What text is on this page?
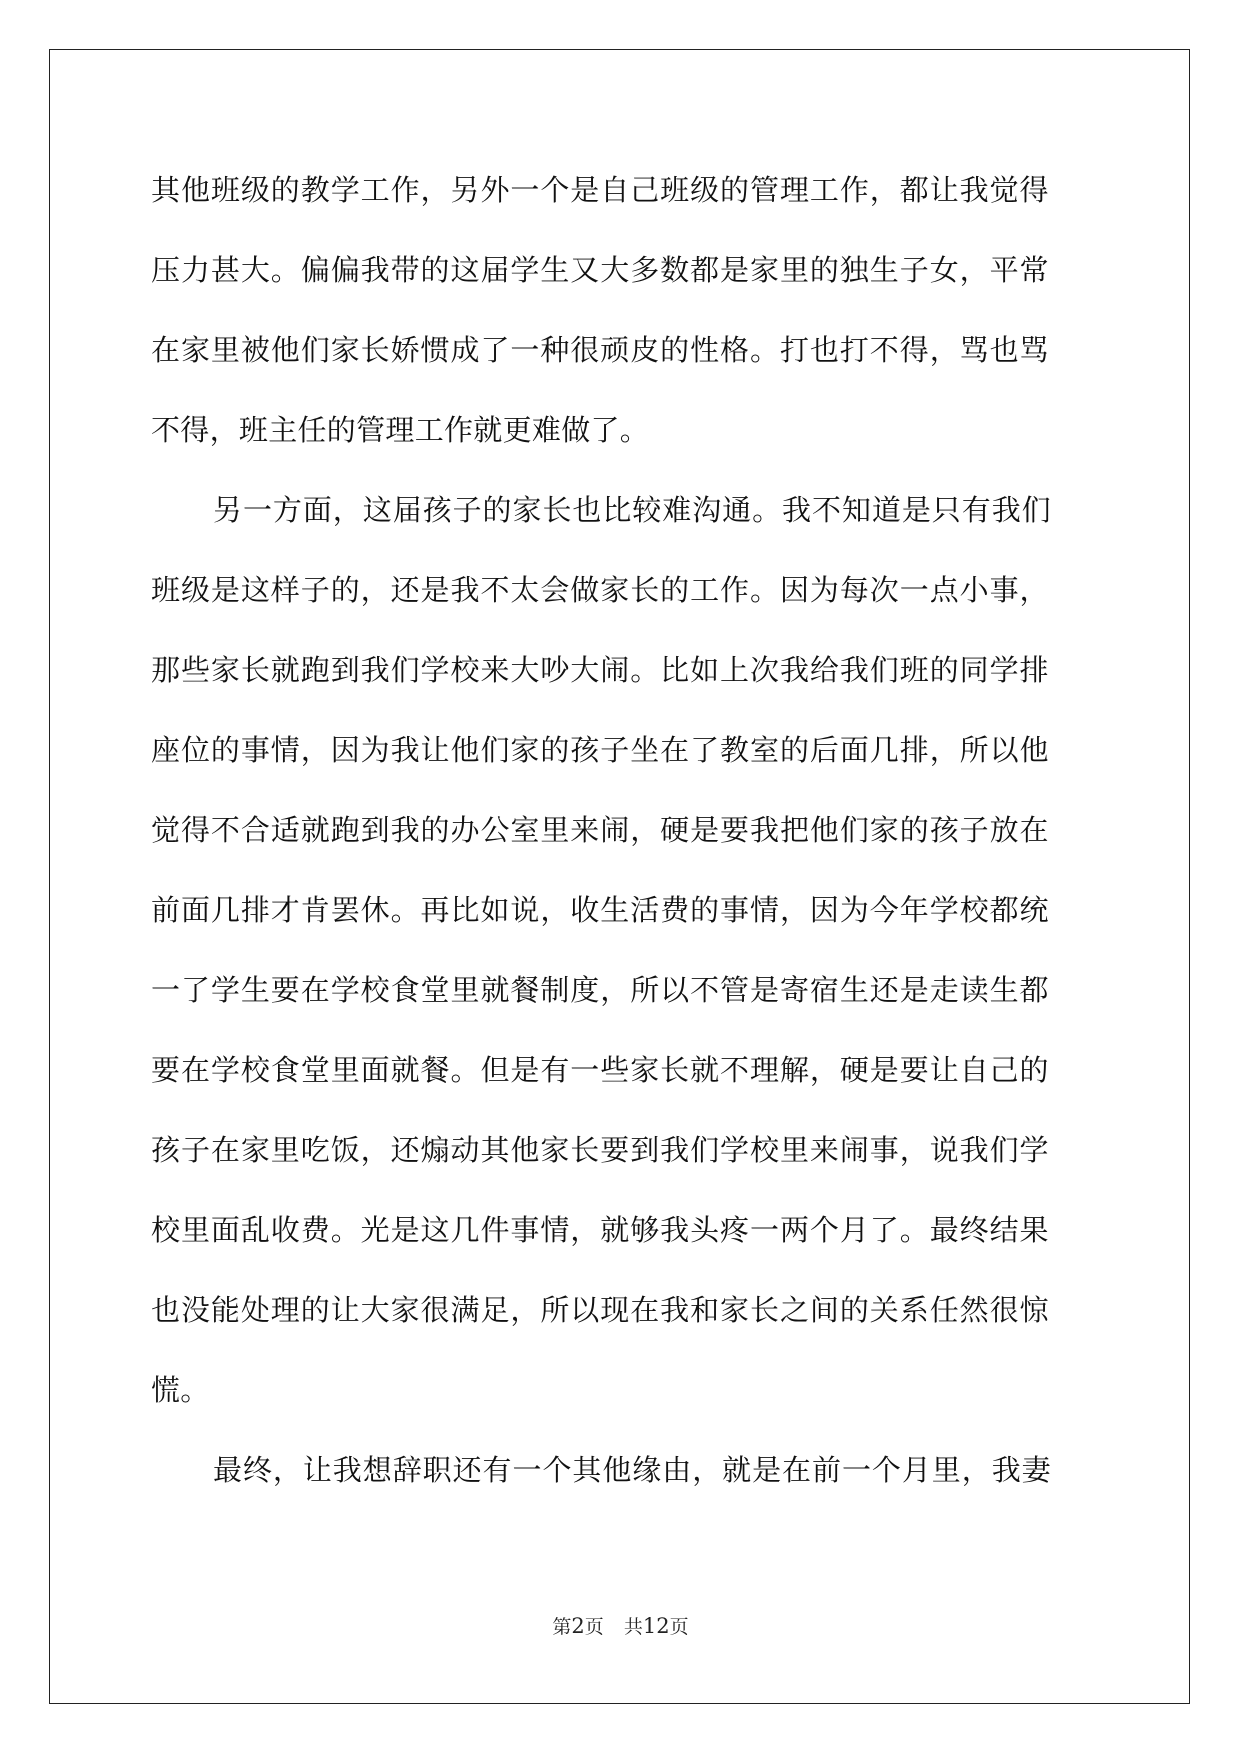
其他班级的教学工作，另外一个是自己班级的管理工作，都让我觉得
压力甚大。偏偏我带的这届学生又大多数都是家里的独生子女，平常
在家里被他们家长娇惯成了一种很顽皮的性格。打也打不得，骂也骂
不得，班主任的管理工作就更难做了。
另一方面，这届孩子的家长也比较难沟通。我不知道是只有我们
班级是这样子的，还是我不太会做家长的工作。因为每次一点小事，
那些家长就跑到我们学校来大吵大闹。比如上次我给我们班的同学排
座位的事情，因为我让他们家的孩子坐在了教室的后面几排，所以他
觉得不合适就跑到我的办公室里来闹，硬是要我把他们家的孩子放在
前面几排才肯罢休。再比如说，收生活费的事情，因为今年学校都统
一了学生要在学校食堂里就餐制度，所以不管是寄宿生还是走读生都
要在学校食堂里面就餐。但是有一些家长就不理解，硬是要让自己的
孩子在家里吃饭，还煽动其他家长要到我们学校里来闹事，说我们学
校里面乱收费。光是这几件事情，就够我头疼一两个月了。最终结果
也没能处理的让大家很满足，所以现在我和家长之间的关系任然很惊
慌。
最终，让我想辞职还有一个其他缘由，就是在前一个月里，我妻
第2页 共12页
